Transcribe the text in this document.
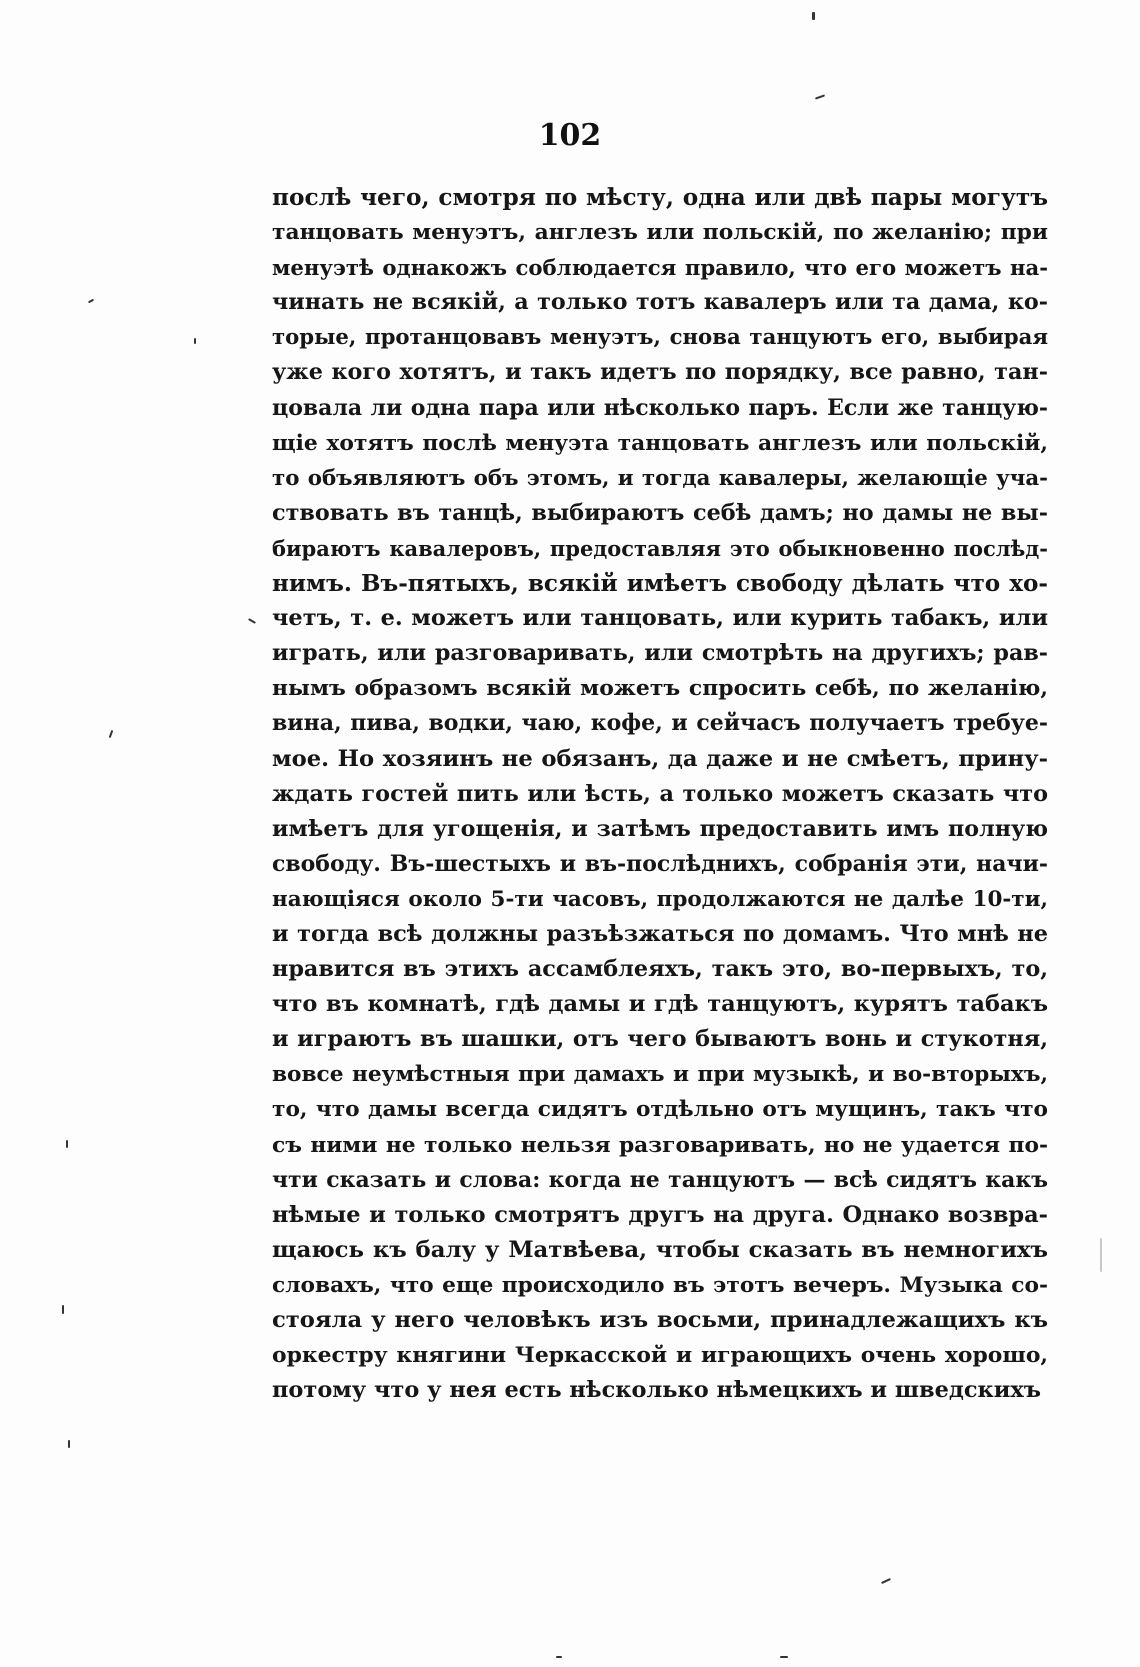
102
послѣ чего, смотря по мѣсту, одна или двѣ пары могутъ
танцовать менуэтъ, англезъ или польскій, по желанію; при
менуэтѣ однакожъ соблюдается правило, что его можетъ на-
чинать не всякій, а только тотъ кавалеръ или та дама, ко-
торые, протанцовавъ менуэтъ, снова танцуютъ его, выбирая
уже кого хотятъ, и такъ идетъ по порядку, все равно, тан-
цовала ли одна пара или нѣсколько паръ. Если же танцую-
щіе хотятъ послѣ менуэта танцовать англезъ или польскій,
то объявляютъ объ этомъ, и тогда кавалеры, желающіе уча-
ствовать въ танцѣ, выбираютъ себѣ дамъ; но дамы не вы-
бираютъ кавалеровъ, предоставляя это обыкновенно послѣд-
нимъ. Въ-пятыхъ, всякій имѣетъ свободу дѣлать что хо-
четъ, т. е. можетъ или танцовать, или курить табакъ, или
играть, или разговаривать, или смотрѣть на другихъ; рав-
нымъ образомъ всякій можетъ спросить себѣ, по желанію,
вина, пива, водки, чаю, кофе, и сейчасъ получаетъ требуе-
мое. Но хозяинъ не обязанъ, да даже и не смѣетъ, прину-
ждать гостей пить или ѣсть, а только можетъ сказать что
имѣетъ для угощенія, и затѣмъ предоставить имъ полную
свободу. Въ-шестыхъ и въ-послѣднихъ, собранія эти, начи-
нающіяся около 5-ти часовъ, продолжаются не далѣе 10-ти,
и тогда всѣ должны разъѣзжаться по домамъ. Что мнѣ не
нравится въ этихъ ассамблеяхъ, такъ это, во-первыхъ, то,
что въ комнатѣ, гдѣ дамы и гдѣ танцуютъ, курятъ табакъ
и играютъ въ шашки, отъ чего бываютъ вонь и стукотня,
вовсе неумѣстныя при дамахъ и при музыкѣ, и во-вторыхъ,
то, что дамы всегда сидятъ отдѣльно отъ мущинъ, такъ что
съ ними не только нельзя разговаривать, но не удается по-
чти сказать и слова: когда не танцуютъ — всѣ сидятъ какъ
нѣмые и только смотрятъ другъ на друга. Однако возвра-
щаюсь къ балу у Матвѣева, чтобы сказать въ немногихъ
словахъ, что еще происходило въ этотъ вечеръ. Музыка со-
стояла у него человѣкъ изъ восьми, принадлежащихъ къ
оркестру княгини Черкасской и играющихъ очень хорошо,
потому что у нея есть нѣсколько нѣмецкихъ и шведскихъ
